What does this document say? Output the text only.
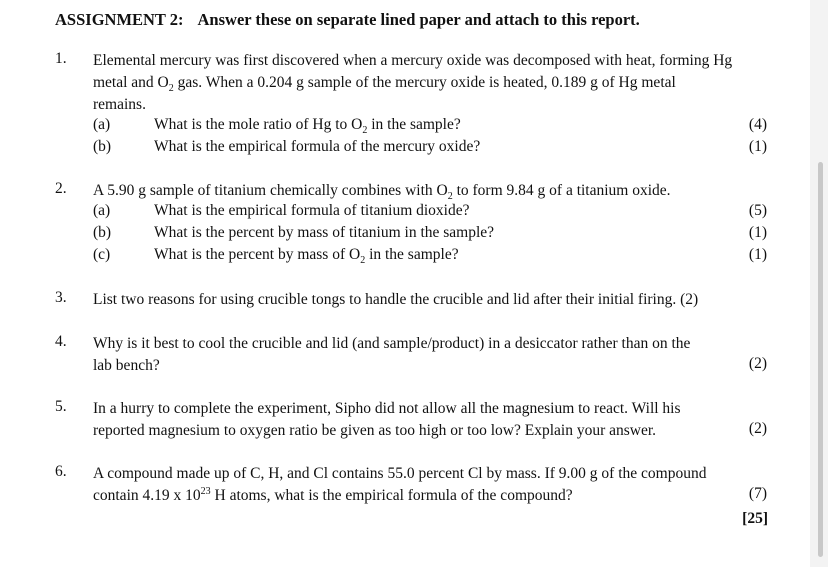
ASSIGNMENT 2: Answer these on separate lined paper and attach to this report.
1. Elemental mercury was first discovered when a mercury oxide was decomposed with heat, forming Hg
metal and $O_2$ gas. When a 0.204 g sample of the mercury oxide is heated, 0.189 g of Hg metal
remains.
(a)	What is the mole ratio of Hg to $O_2$ in the sample?	(4)
(b)	What is the empirical formula of the mercury oxide?	(1)
2. A 5.90 g sample of titanium chemically combines with $O_2$ to form 9.84 g of a titanium oxide.
(a)	What is the empirical formula of titanium dioxide?	(5)
(b)	What is the percent by mass of titanium in the sample?	(1)
(c)	What is the percent by mass of $O_2$ in the sample?	(1)
3. List two reasons for using crucible tongs to handle the crucible and lid after their initial firing. (2)
4. Why is it best to cool the crucible and lid (and sample/product) in a desiccator rather than on the
lab bench?	(2)
5. In a hurry to complete the experiment, Sipho did not allow all the magnesium to react. Will his
reported magnesium to oxygen ratio be given as too high or too low? Explain your answer.	(2)
6. A compound made up of C, H, and Cl contains 55.0 percent Cl by mass. If 9.00 g of the compound
contain 4.19 x $10^{23}$ H atoms, what is the empirical formula of the compound?	(7)
[25]
